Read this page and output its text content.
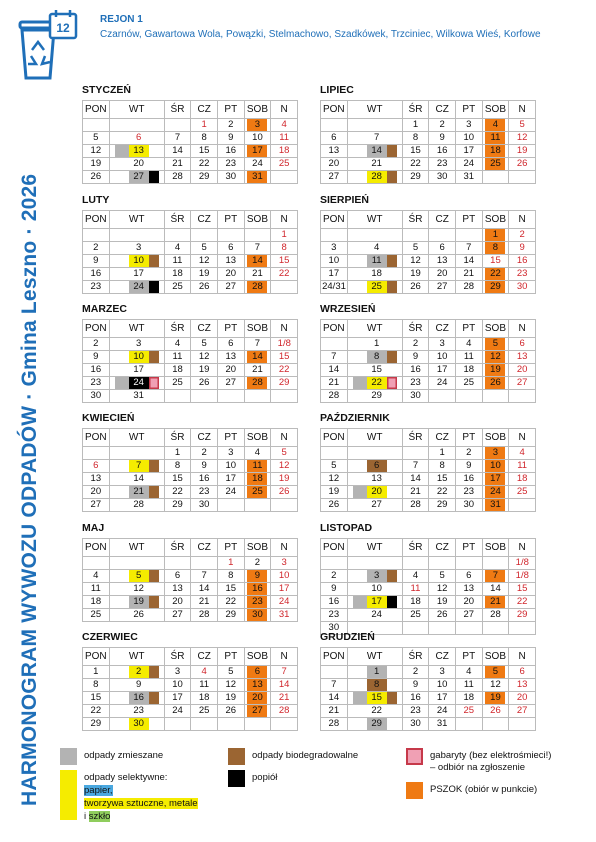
HARMONOGRAM WYWOZU ODPADÓW · Gmina Leszno · 2026
12
REJON 1
Czarnów, Gawartowa Wola, Powązki, Stelmachowo, Szadkówek, Trzciniec, Wilkowa Wieś, Korfowe
STYCZEŃ
PON	WT	ŚR	CZ	PT	SOB	N
			1	2	3	4
5	6	7	8	9	10	11
12	13	14	15	16	17	18
19	20	21	22	23	24	25
26	27	28	29	30	31	
LIPIEC
PON	WT	ŚR	CZ	PT	SOB	N
		1	2	3	4	5
6	7	8	9	10	11	12
13	14	15	16	17	18	19
20	21	22	23	24	25	26
27	28	29	30	31		
LUTY
PON	WT	ŚR	CZ	PT	SOB	N
						1
2	3	4	5	6	7	8
9	10	11	12	13	14	15
16	17	18	19	20	21	22
23	24	25	26	27	28	
SIERPIEŃ
PON	WT	ŚR	CZ	PT	SOB	N
					1	2
3	4	5	6	7	8	9
10	11	12	13	14	15	16
17	18	19	20	21	22	23
24/31	25	26	27	28	29	30
MARZEC
PON	WT	ŚR	CZ	PT	SOB	N
2	3	4	5	6	7	1/8
9	10	11	12	13	14	15
16	17	18	19	20	21	22
23	24	25	26	27	28	29
30	31					
WRZESIEŃ
PON	WT	ŚR	CZ	PT	SOB	N
	1	2	3	4	5	6
7	8	9	10	11	12	13
14	15	16	17	18	19	20
21	22	23	24	25	26	27
28	29	30				
KWIECIEŃ
PON	WT	ŚR	CZ	PT	SOB	N
		1	2	3	4	5
6	7	8	9	10	11	12
13	14	15	16	17	18	19
20	21	22	23	24	25	26
27	28	29	30			
PAŹDZIERNIK
PON	WT	ŚR	CZ	PT	SOB	N
			1	2	3	4
5	6	7	8	9	10	11
12	13	14	15	16	17	18
19	20	21	22	23	24	25
26	27	28	29	30	31	
MAJ
PON	WT	ŚR	CZ	PT	SOB	N
				1	2	3
4	5	6	7	8	9	10
11	12	13	14	15	16	17
18	19	20	21	22	23	24
25	26	27	28	29	30	31
LISTOPAD
PON	WT	ŚR	CZ	PT	SOB	N
						1/8
2	3	4	5	6	7	1/8
9	10	11	12	13	14	15
16	17	18	19	20	21	22
23	24	25	26	27	28	29
30						
CZERWIEC
PON	WT	ŚR	CZ	PT	SOB	N
1	2	3	4	5	6	7
8	9	10	11	12	13	14
15	16	17	18	19	20	21
22	23	24	25	26	27	28
29	30					
GRUDZIEŃ
PON	WT	ŚR	CZ	PT	SOB	N
	1	2	3	4	5	6
7	8	9	10	11	12	13
14	15	16	17	18	19	20
21	22	23	24	25	26	27
28	29	30	31			
odpady zmieszane	odpady biodegradowalne	gabaryty (bez elektrośmieci!)
– odbiór na zgłoszenie
odpady selektywne:
papier,
tworzywa sztuczne, metale
i szkło
popiół
PSZOK (obiór w punkcie)
